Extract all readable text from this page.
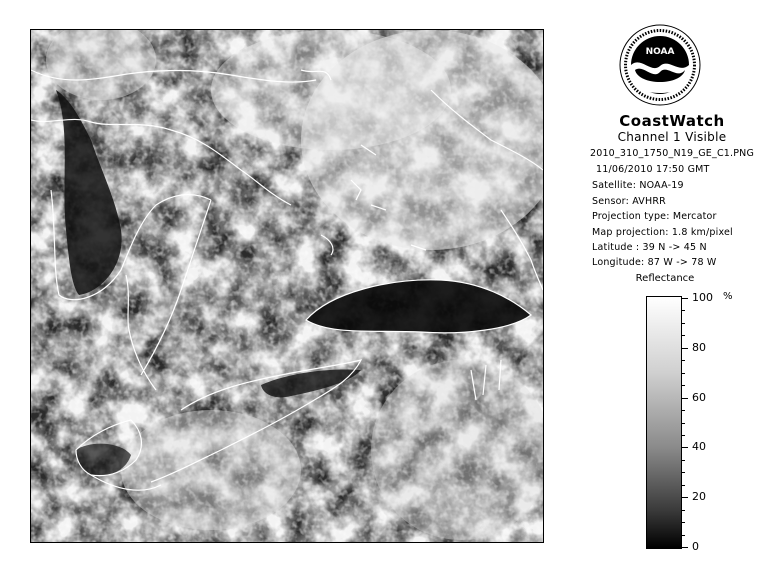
NOAA
CoastWatch
Channel 1 Visible
2010_310_1750_N19_GE_C1.PNG
11/06/2010 17:50 GMT
Satellite: NOAA-19
Sensor: AVHRR
Projection type: Mercator
Map projection: 1.8 km/pixel
Latitude : 39 N -> 45 N
Longitude: 87 W -> 78 W
Reflectance
%
100
80
60
40
20
0
